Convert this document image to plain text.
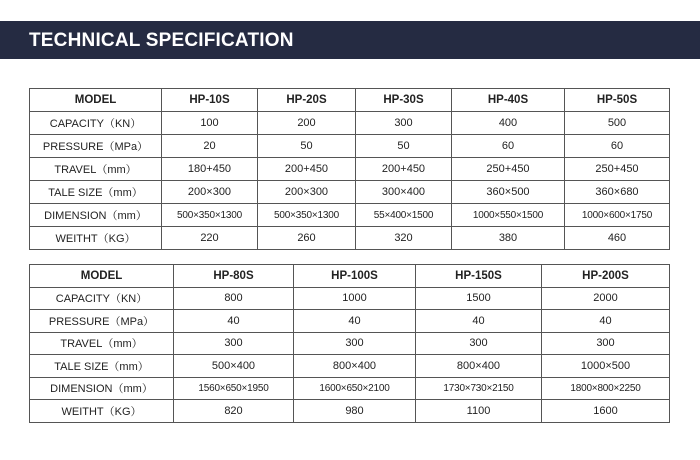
TECHNICAL SPECIFICATION
MODEL	HP-10S	HP-20S	HP-30S	HP-40S	HP-50S
CAPACITY（KN）	100	200	300	400	500
PRESSURE（MPa）	20	50	50	60	60
TRAVEL（mm）	180+450	200+450	200+450	250+450	250+450
TALE SIZE（mm）	200×300	200×300	300×400	360×500	360×680
DIMENSION（mm）	500×350×1300	500×350×1300	55×400×1500	1000×550×1500	1000×600×1750
WEITHT（KG）	220	260	320	380	460
MODEL	HP-80S	HP-100S	HP-150S	HP-200S
CAPACITY（KN）	800	1000	1500	2000
PRESSURE（MPa）	40	40	40	40
TRAVEL（mm）	300	300	300	300
TALE SIZE（mm）	500×400	800×400	800×400	1000×500
DIMENSION（mm）	1560×650×1950	1600×650×2100	1730×730×2150	1800×800×2250
WEITHT（KG）	820	980	1100	1600
